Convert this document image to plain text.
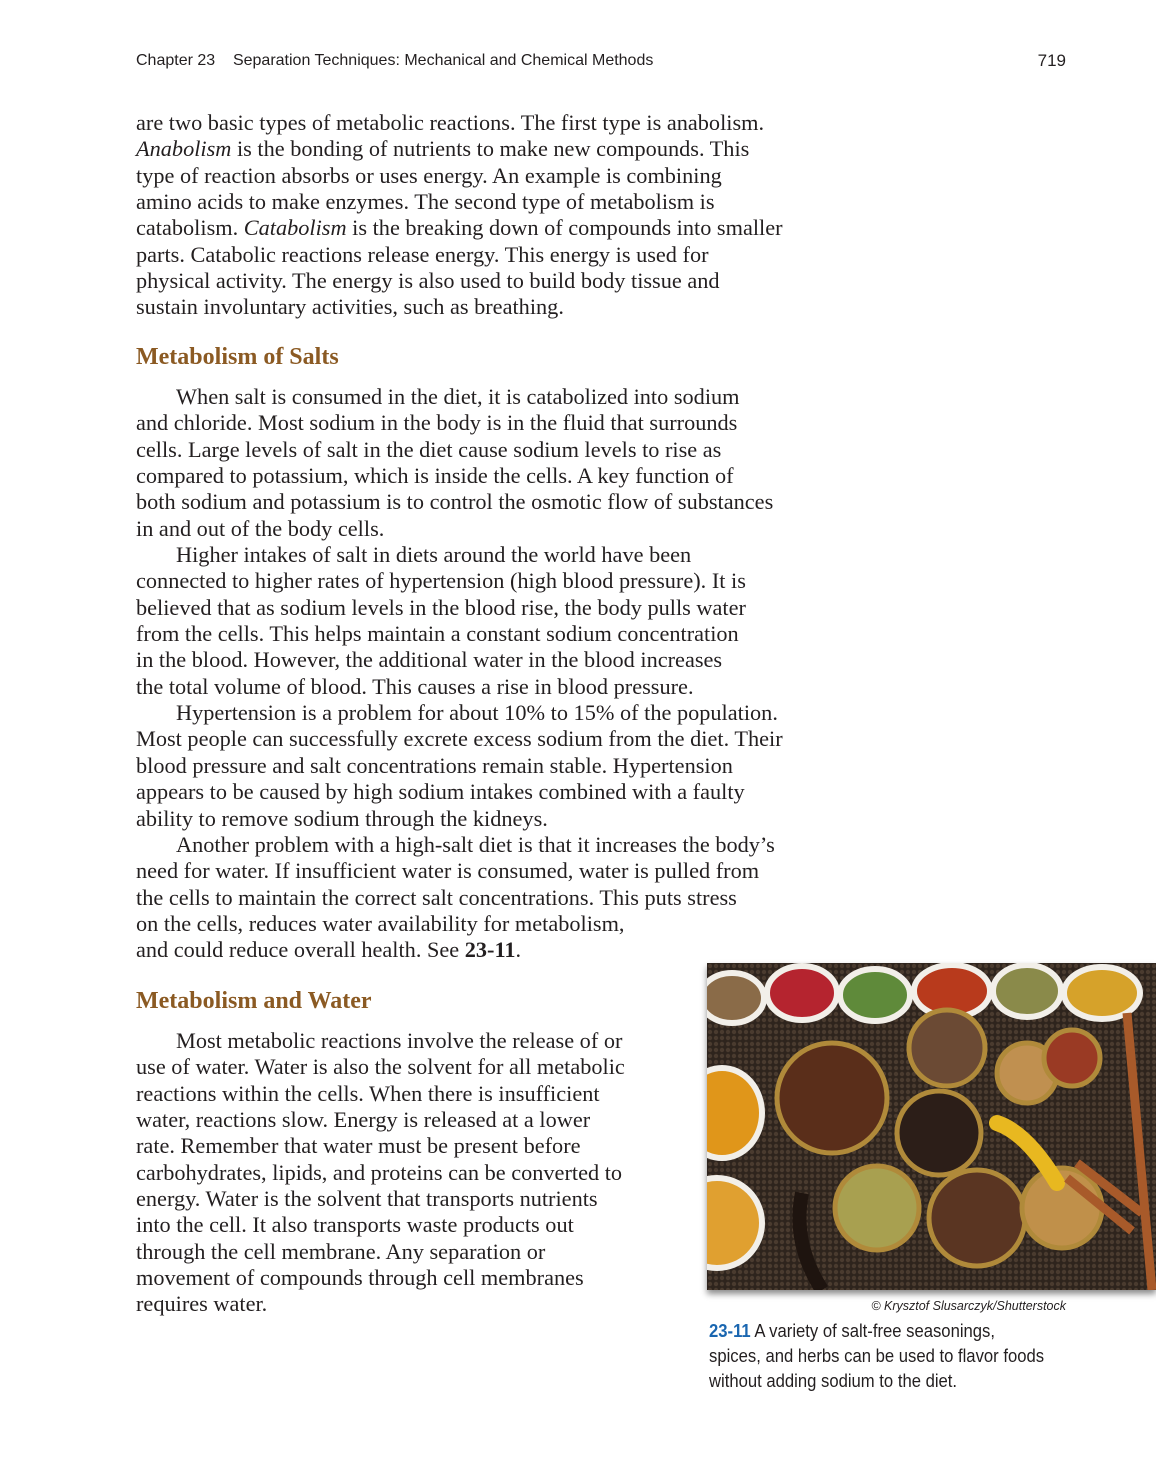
Chapter 23 Separation Techniques: Mechanical and Chemical Methods	719
are two basic types of metabolic reactions. The first type is anabolism.
Anabolism is the bonding of nutrients to make new compounds. This
type of reaction absorbs or uses energy. An example is combining
amino acids to make enzymes. The second type of metabolism is
catabolism. Catabolism is the breaking down of compounds into smaller
parts. Catabolic reactions release energy. This energy is used for
physical activity. The energy is also used to build body tissue and
sustain involuntary activities, such as breathing.
Metabolism of Salts
When salt is consumed in the diet, it is catabolized into sodium
and chloride. Most sodium in the body is in the fluid that surrounds
cells. Large levels of salt in the diet cause sodium levels to rise as
compared to potassium, which is inside the cells. A key function of
both sodium and potassium is to control the osmotic flow of substances
in and out of the body cells.
Higher intakes of salt in diets around the world have been
connected to higher rates of hypertension (high blood pressure). It is
believed that as sodium levels in the blood rise, the body pulls water
from the cells. This helps maintain a constant sodium concentration
in the blood. However, the additional water in the blood increases
the total volume of blood. This causes a rise in blood pressure.
Hypertension is a problem for about 10% to 15% of the population.
Most people can successfully excrete excess sodium from the diet. Their
blood pressure and salt concentrations remain stable. Hypertension
appears to be caused by high sodium intakes combined with a faulty
ability to remove sodium through the kidneys.
Another problem with a high-salt diet is that it increases the body’s
need for water. If insufficient water is consumed, water is pulled from
the cells to maintain the correct salt concentrations. This puts stress
on the cells, reduces water availability for metabolism,
and could reduce overall health. See 23-11.
Metabolism and Water
Most metabolic reactions involve the release of or
use of water. Water is also the solvent for all metabolic
reactions within the cells. When there is insufficient
water, reactions slow. Energy is released at a lower
rate. Remember that water must be present before
carbohydrates, lipids, and proteins can be converted to
energy. Water is the solvent that transports nutrients
into the cell. It also transports waste products out
through the cell membrane. Any separation or
movement of compounds through cell membranes
requires water.	© Krysztof Slusarczyk/Shutterstock
23-11 A variety of salt-free seasonings,
spices, and herbs can be used to flavor foods
without adding sodium to the diet.
